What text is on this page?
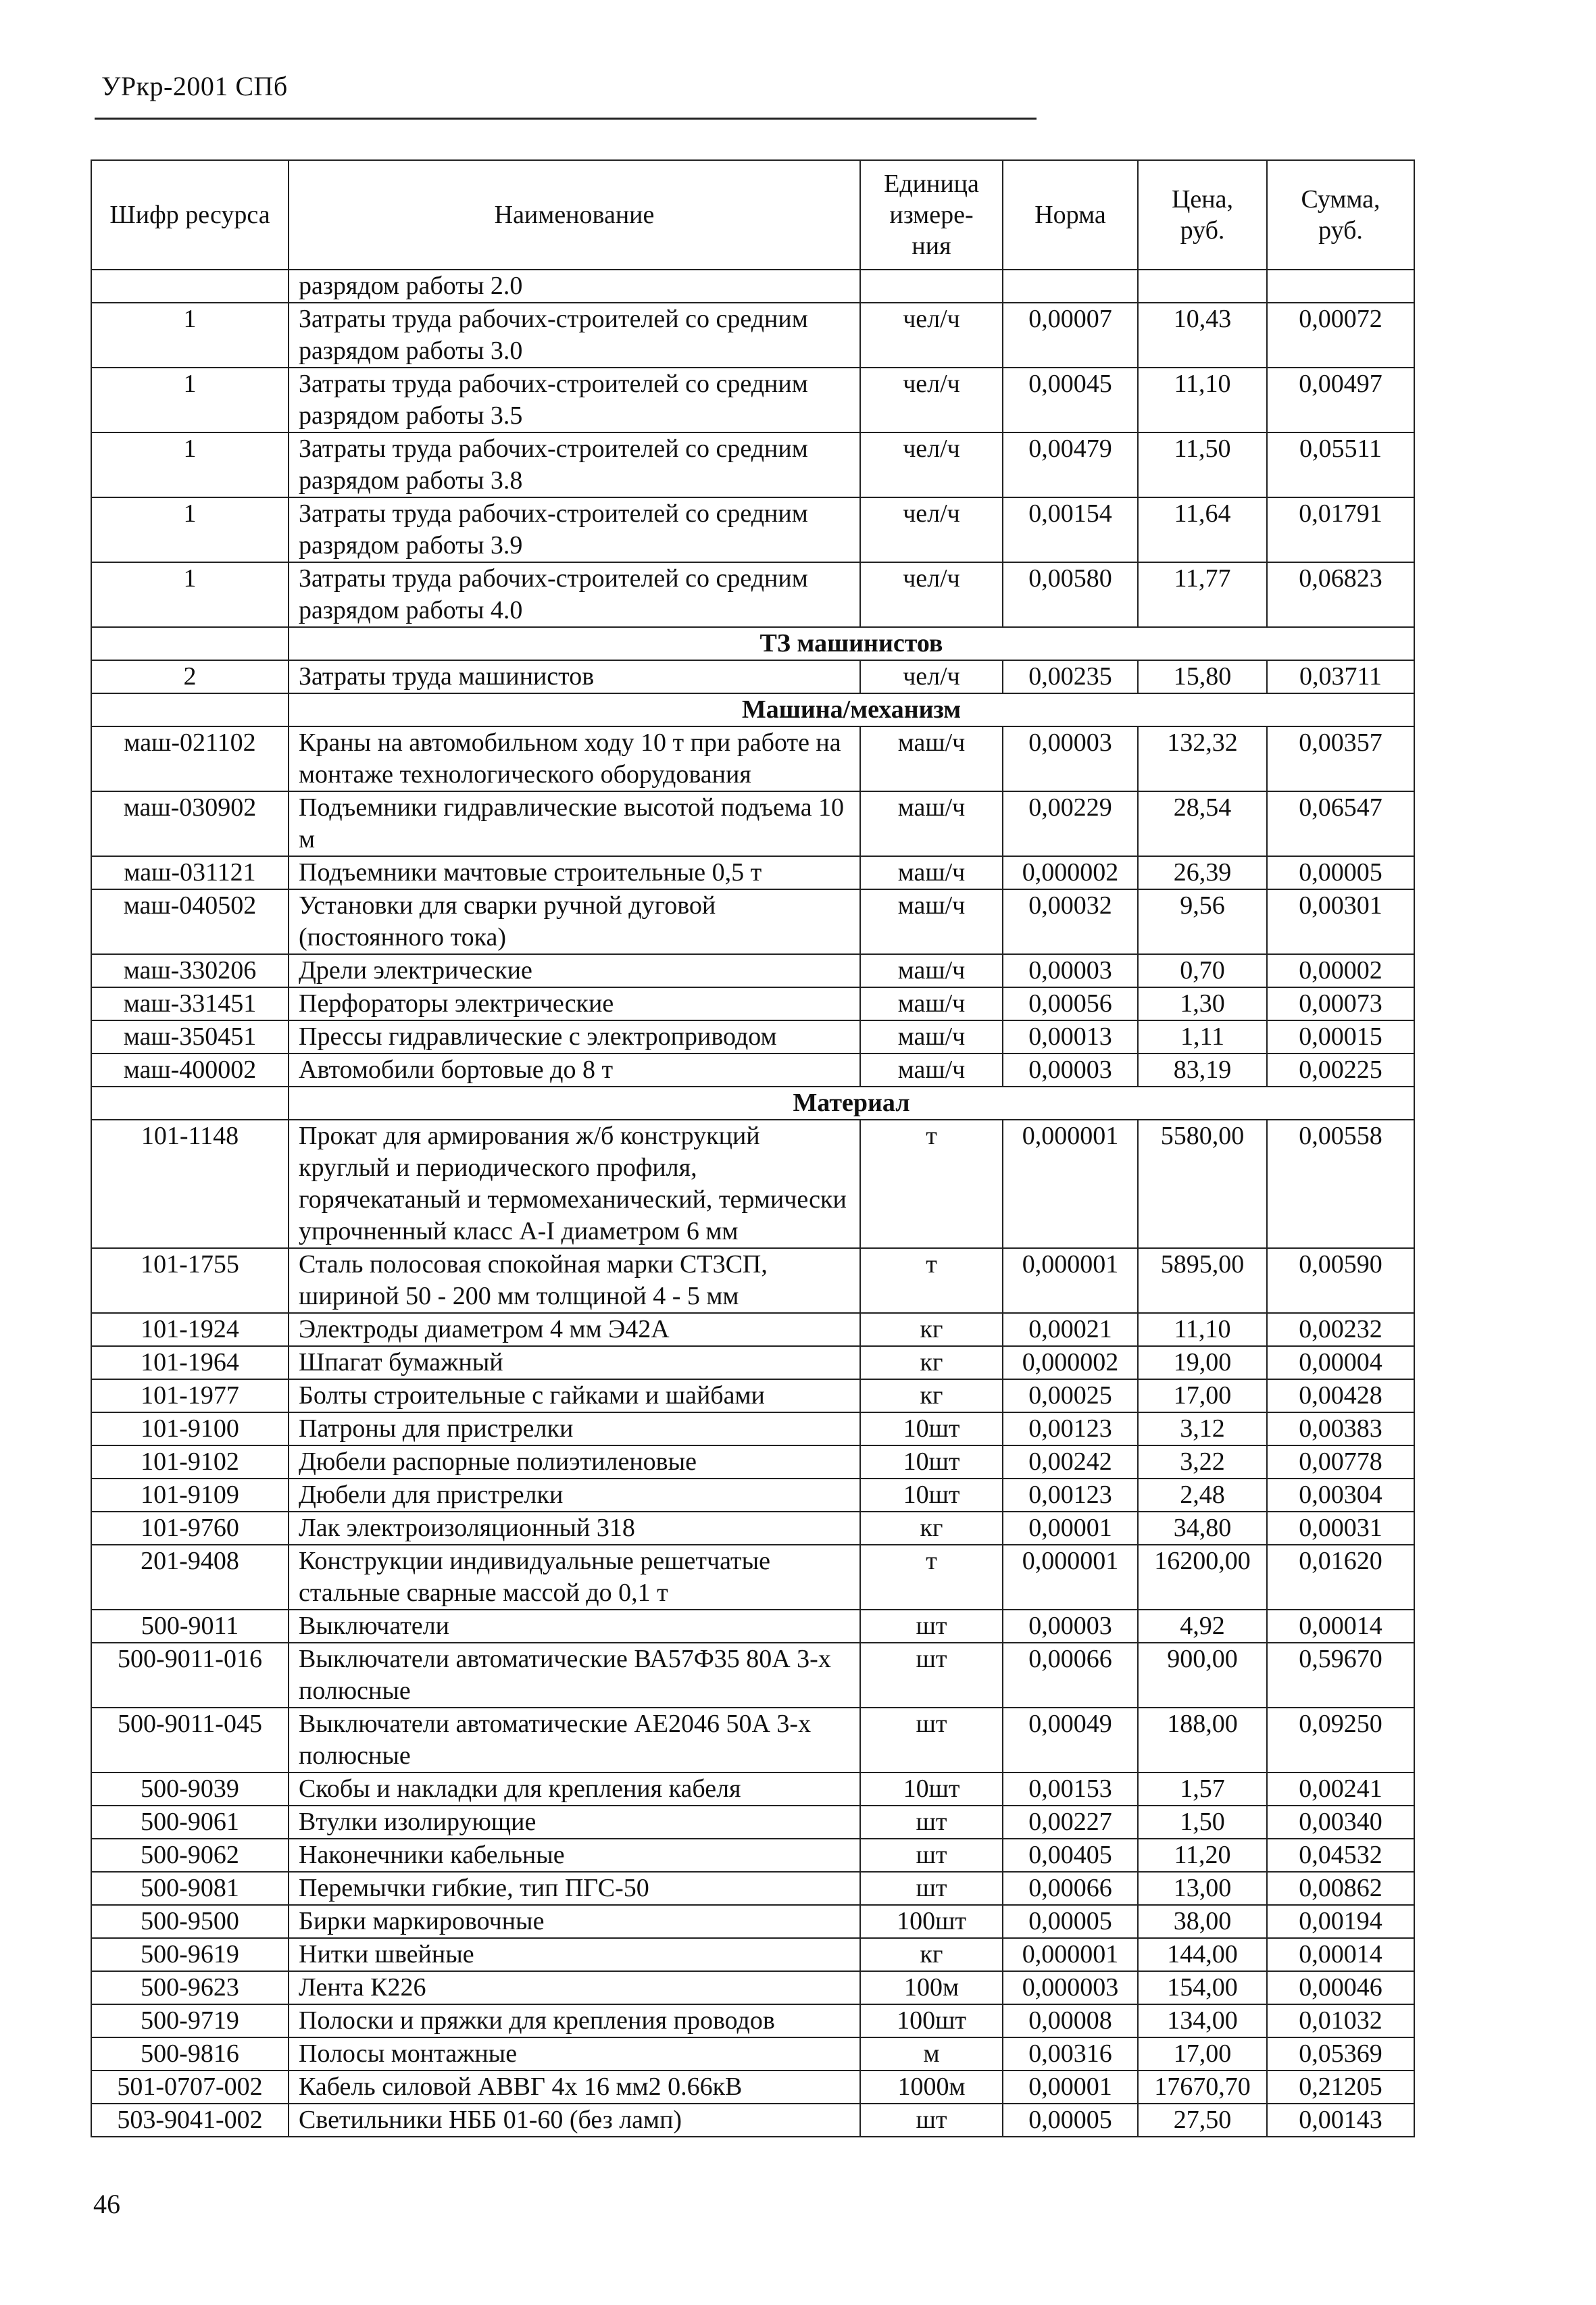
УРкр-2001 СПб
Шифр ресурса	Наименование	Единица измере-ния	Норма	Цена, руб.	Сумма, руб.
	разрядом работы 2.0				
1	Затраты труда рабочих-строителей со средним разрядом работы 3.0	чел/ч	0,00007	10,43	0,00072
1	Затраты труда рабочих-строителей со средним разрядом работы 3.5	чел/ч	0,00045	11,10	0,00497
1	Затраты труда рабочих-строителей со средним разрядом работы 3.8	чел/ч	0,00479	11,50	0,05511
1	Затраты труда рабочих-строителей со средним разрядом работы 3.9	чел/ч	0,00154	11,64	0,01791
1	Затраты труда рабочих-строителей со средним разрядом работы 4.0	чел/ч	0,00580	11,77	0,06823
	ТЗ машинистов				
2	Затраты труда машинистов	чел/ч	0,00235	15,80	0,03711
	Машина/механизм				
маш-021102	Краны на автомобильном ходу 10 т при работе на монтаже технологического оборудования	маш/ч	0,00003	132,32	0,00357
маш-030902	Подъемники гидравлические высотой подъема 10 м	маш/ч	0,00229	28,54	0,06547
маш-031121	Подъемники мачтовые строительные 0,5 т	маш/ч	0,000002	26,39	0,00005
маш-040502	Установки для сварки ручной дуговой (постоянного тока)	маш/ч	0,00032	9,56	0,00301
маш-330206	Дрели электрические	маш/ч	0,00003	0,70	0,00002
маш-331451	Перфораторы электрические	маш/ч	0,00056	1,30	0,00073
маш-350451	Прессы гидравлические с электроприводом	маш/ч	0,00013	1,11	0,00015
маш-400002	Автомобили бортовые до 8 т	маш/ч	0,00003	83,19	0,00225
	Материал				
101-1148	Прокат для армирования ж/б конструкций круглый и периодического профиля, горячекатаный и термомеханический, термически упрочненный класс А-I диаметром 6 мм	т	0,000001	5580,00	0,00558
101-1755	Сталь полосовая спокойная марки СТ3СП, шириной 50 - 200 мм толщиной 4 - 5 мм	т	0,000001	5895,00	0,00590
101-1924	Электроды диаметром 4 мм Э42А	кг	0,00021	11,10	0,00232
101-1964	Шпагат бумажный	кг	0,000002	19,00	0,00004
101-1977	Болты строительные с гайками и шайбами	кг	0,00025	17,00	0,00428
101-9100	Патроны для пристрелки	10шт	0,00123	3,12	0,00383
101-9102	Дюбели распорные полиэтиленовые	10шт	0,00242	3,22	0,00778
101-9109	Дюбели для пристрелки	10шт	0,00123	2,48	0,00304
101-9760	Лак электроизоляционный 318	кг	0,00001	34,80	0,00031
201-9408	Конструкции индивидуальные решетчатые стальные сварные массой до 0,1 т	т	0,000001	16200,00	0,01620
500-9011	Выключатели	шт	0,00003	4,92	0,00014
500-9011-016	Выключатели автоматические ВА57Ф35 80А 3-х полюсные	шт	0,00066	900,00	0,59670
500-9011-045	Выключатели автоматические АЕ2046 50А 3-х полюсные	шт	0,00049	188,00	0,09250
500-9039	Скобы и накладки для крепления кабеля	10шт	0,00153	1,57	0,00241
500-9061	Втулки изолирующие	шт	0,00227	1,50	0,00340
500-9062	Наконечники кабельные	шт	0,00405	11,20	0,04532
500-9081	Перемычки гибкие, тип ПГС-50	шт	0,00066	13,00	0,00862
500-9500	Бирки маркировочные	100шт	0,00005	38,00	0,00194
500-9619	Нитки швейные	кг	0,000001	144,00	0,00014
500-9623	Лента К226	100м	0,000003	154,00	0,00046
500-9719	Полоски и пряжки для крепления проводов	100шт	0,00008	134,00	0,01032
500-9816	Полосы монтажные	м	0,00316	17,00	0,05369
501-0707-002	Кабель силовой АВВГ 4х 16 мм2 0.66кВ	1000м	0,00001	17670,70	0,21205
503-9041-002	Светильники НББ 01-60 (без ламп)	шт	0,00005	27,50	0,00143
46
